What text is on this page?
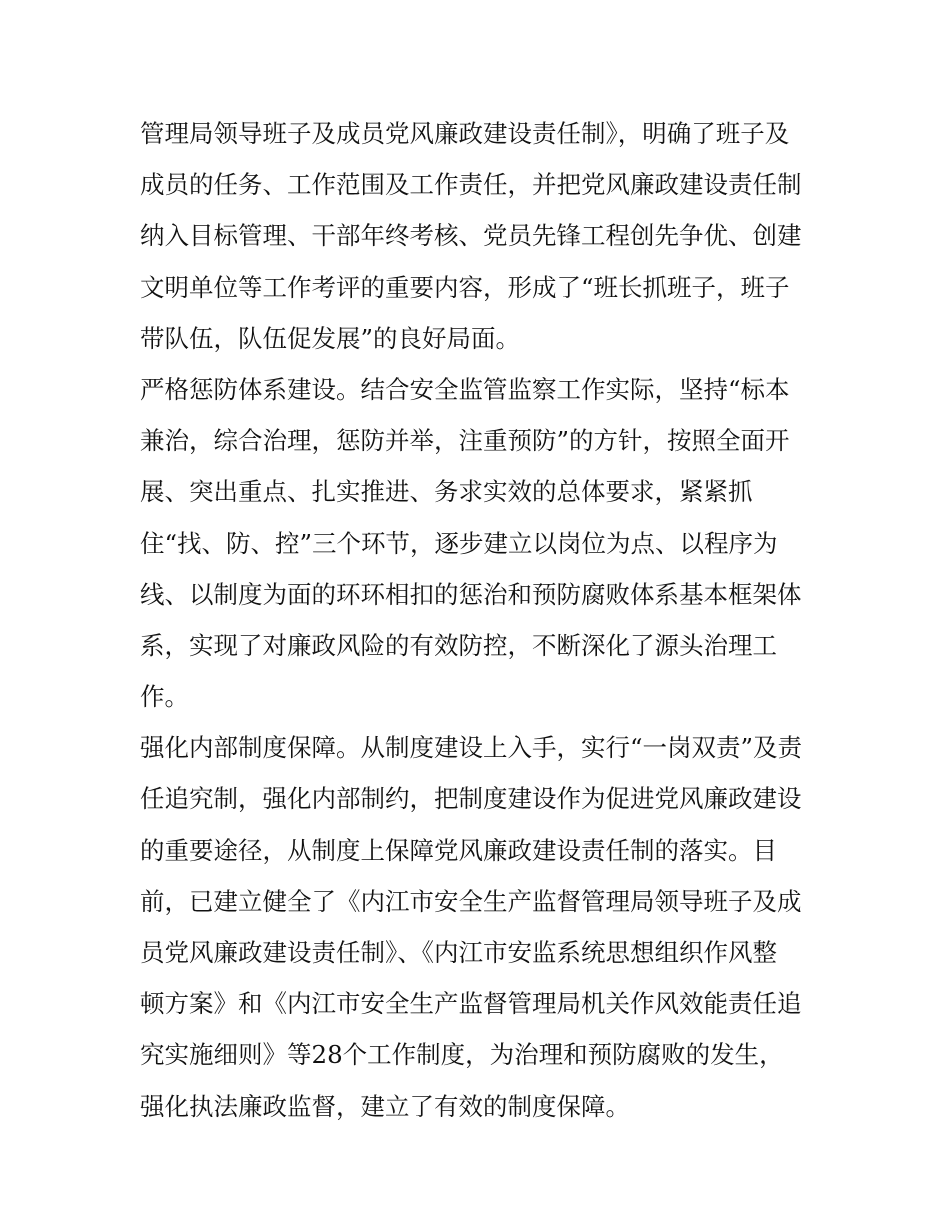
管理局领导班子及成员党风廉政建设责任制》，明确了班子及
成员的任务、工作范围及工作责任，并把党风廉政建设责任制
纳入目标管理、干部年终考核、党员先锋工程创先争优、创建
文明单位等工作考评的重要内容，形成了“班长抓班子，班子
带队伍，队伍促发展”的良好局面。
严格惩防体系建设。结合安全监管监察工作实际，坚持“标本
兼治，综合治理，惩防并举，注重预防”的方针，按照全面开
展、突出重点、扎实推进、务求实效的总体要求，紧紧抓
住“找、防、控”三个环节，逐步建立以岗位为点、以程序为
线、以制度为面的环环相扣的惩治和预防腐败体系基本框架体
系，实现了对廉政风险的有效防控，不断深化了源头治理工
作。
强化内部制度保障。从制度建设上入手，实行“一岗双责”及责
任追究制，强化内部制约，把制度建设作为促进党风廉政建设
的重要途径，从制度上保障党风廉政建设责任制的落实。目
前，已建立健全了《内江市安全生产监督管理局领导班子及成
员党风廉政建设责任制》、《内江市安监系统思想组织作风整
顿方案》和《内江市安全生产监督管理局机关作风效能责任追
究实施细则》等28个工作制度，为治理和预防腐败的发生，
强化执法廉政监督，建立了有效的制度保障。
